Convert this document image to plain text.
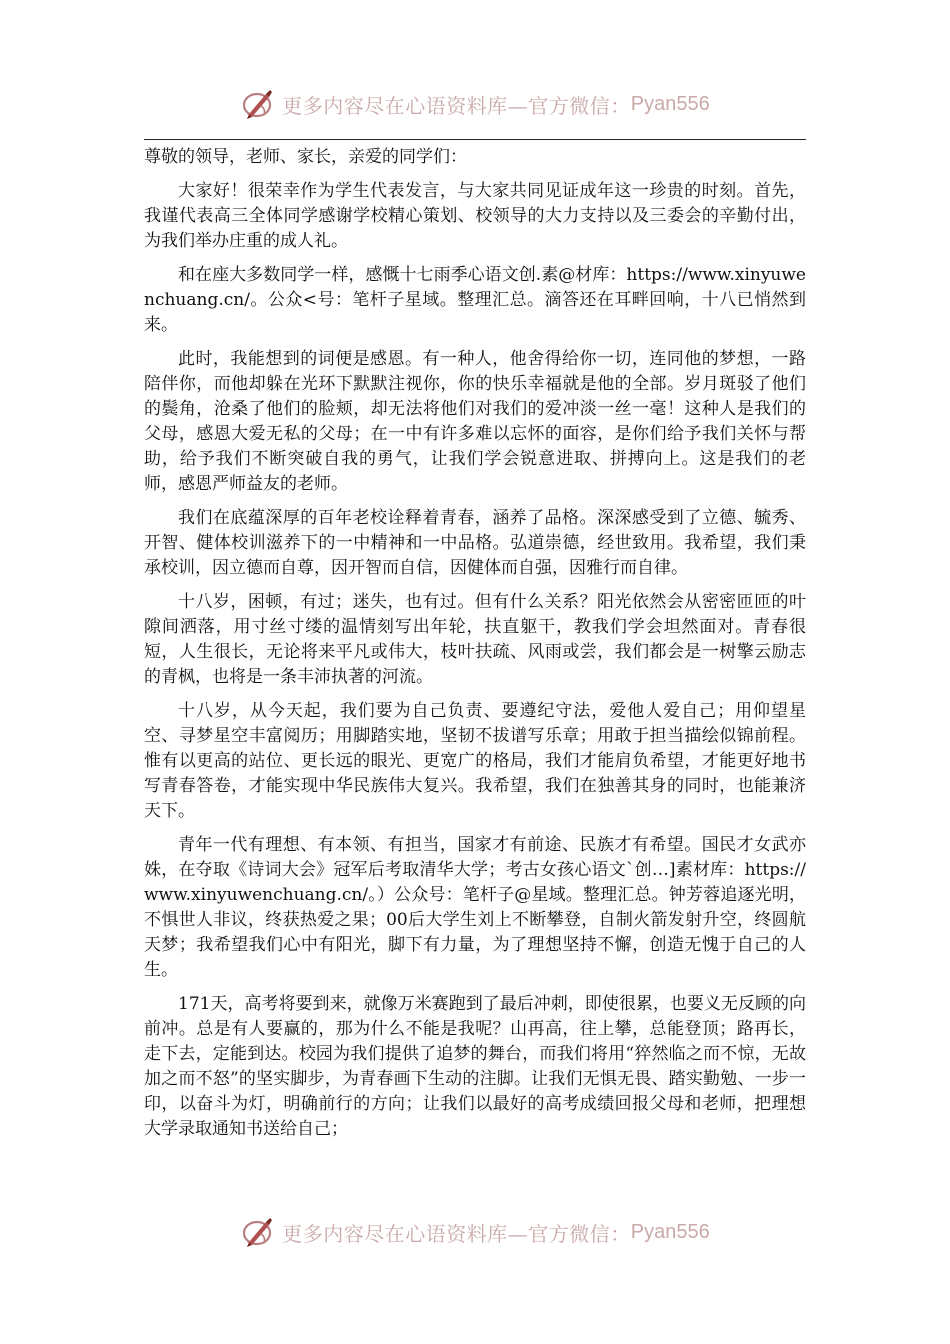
更多内容尽在心语资料库—官方微信： Pyan556

尊敬的领导，老师、家长，亲爱的同学们：

大家好！很荣幸作为学生代表发言，与大家共同见证成年这一珍贵的时刻。首先，我谨代表高三全体同学感谢学校精心策划、校领导的大力支持以及三委会的辛勤付出，为我们举办庄重的成人礼。

和在座大多数同学一样，感慨十七雨季心语文创.素@材库：https://www.xinyuwenchuang.cn/。公众<号：笔杆子星域。整理汇总。滴答还在耳畔回响，十八已悄然到来。

此时，我能想到的词便是感恩。有一种人，他舍得给你一切，连同他的梦想，一路陪伴你，而他却躲在光环下默默注视你，你的快乐幸福就是他的全部。岁月斑驳了他们的鬓角，沧桑了他们的脸颊，却无法将他们对我们的爱冲淡一丝一毫！这种人是我们的父母，感恩大爱无私的父母；在一中有许多难以忘怀的面容，是你们给予我们关怀与帮助，给予我们不断突破自我的勇气，让我们学会锐意进取、拼搏向上。这是我们的老师，感恩严师益友的老师。

我们在底蕴深厚的百年老校诠释着青春，涵养了品格。深深感受到了立德、毓秀、开智、健体校训滋养下的一中精神和一中品格。弘道崇德，经世致用。我希望，我们秉承校训，因立德而自尊，因开智而自信，因健体而自强，因雅行而自律。

十八岁，困顿，有过；迷失，也有过。但有什么关系？阳光依然会从密密匝匝的叶隙间洒落，用寸丝寸缕的温情刻写出年轮，扶直躯干，教我们学会坦然面对。青春很短，人生很长，无论将来平凡或伟大，枝叶扶疏、风雨或尝，我们都会是一树擎云励志的青枫，也将是一条丰沛执著的河流。

十八岁，从今天起，我们要为自己负责、要遵纪守法，爱他人爱自己；用仰望星空、寻梦星空丰富阅历；用脚踏实地，坚韧不拔谱写乐章；用敢于担当描绘似锦前程。惟有以更高的站位、更长远的眼光、更宽广的格局，我们才能肩负希望，才能更好地书写青春答卷，才能实现中华民族伟大复兴。我希望，我们在独善其身的同时，也能兼济天下。

青年一代有理想、有本领、有担当，国家才有前途、民族才有希望。国民才女武亦姝，在夺取《诗词大会》冠军后考取清华大学；考古女孩心语文`创…]素材库：https://www.xinyuwenchuang.cn/。）公众号：笔杆子@星域。整理汇总。钟芳蓉追逐光明，不惧世人非议，终获热爱之果；00后大学生刘上不断攀登，自制火箭发射升空，终圆航天梦；我希望我们心中有阳光，脚下有力量，为了理想坚持不懈，创造无愧于自己的人生。

171天，高考将要到来，就像万米赛跑到了最后冲刺，即使很累，也要义无反顾的向前冲。总是有人要赢的，那为什么不能是我呢？山再高，往上攀，总能登顶；路再长，走下去，定能到达。校园为我们提供了追梦的舞台，而我们将用“猝然临之而不惊，无故加之而不怒”的坚实脚步，为青春画下生动的注脚。让我们无惧无畏、踏实勤勉、一步一印，以奋斗为灯，明确前行的方向；让我们以最好的高考成绩回报父母和老师，把理想大学录取通知书送给自己；

更多内容尽在心语资料库—官方微信： Pyan556
